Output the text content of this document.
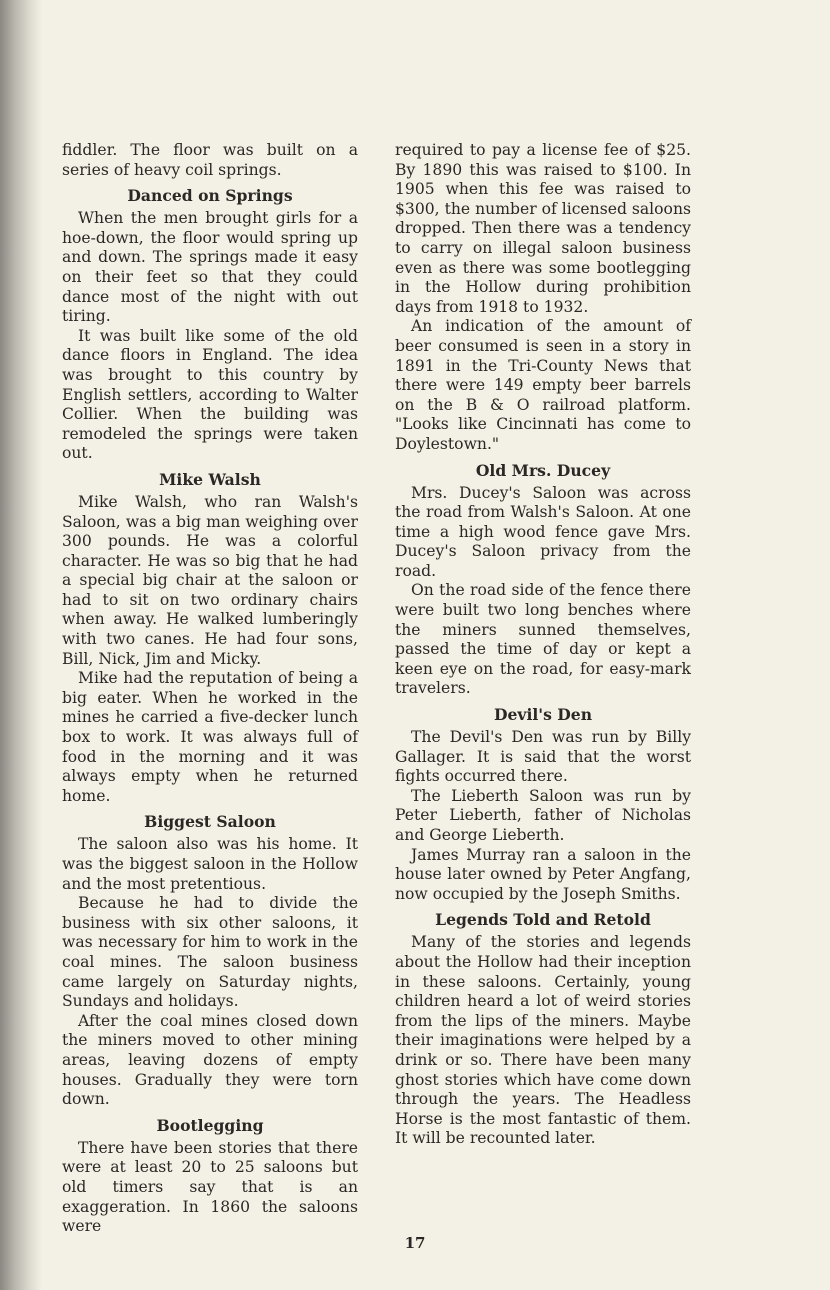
fiddler. The floor was built on a series of heavy coil springs.

Danced on Springs

When the men brought girls for a hoe-down, the floor would spring up and down. The springs made it easy on their feet so that they could dance most of the night with out tiring.

It was built like some of the old dance floors in England. The idea was brought to this country by English settlers, according to Walter Collier. When the building was remodeled the springs were taken out.

Mike Walsh

Mike Walsh, who ran Walsh's Saloon, was a big man weighing over 300 pounds. He was a colorful character. He was so big that he had a special big chair at the saloon or had to sit on two ordinary chairs when away. He walked lumberingly with two canes. He had four sons, Bill, Nick, Jim and Micky.

Mike had the reputation of being a big eater. When he worked in the mines he carried a five-decker lunch box to work. It was always full of food in the morning and it was always empty when he returned home.

Biggest Saloon

The saloon also was his home. It was the biggest saloon in the Hollow and the most pretentious.

Because he had to divide the business with six other saloons, it was necessary for him to work in the coal mines. The saloon business came largely on Saturday nights, Sundays and holidays.

After the coal mines closed down the miners moved to other mining areas, leaving dozens of empty houses. Gradually they were torn down.

Bootlegging

There have been stories that there were at least 20 to 25 saloons but old timers say that is an exaggeration. In 1860 the saloons were

required to pay a license fee of $25. By 1890 this was raised to $100. In 1905 when this fee was raised to $300, the number of licensed saloons dropped. Then there was a tendency to carry on illegal saloon business even as there was some bootlegging in the Hollow during prohibition days from 1918 to 1932.

An indication of the amount of beer consumed is seen in a story in 1891 in the Tri-County News that there were 149 empty beer barrels on the B & O railroad platform. "Looks like Cincinnati has come to Doylestown."

Old Mrs. Ducey

Mrs. Ducey's Saloon was across the road from Walsh's Saloon. At one time a high wood fence gave Mrs. Ducey's Saloon privacy from the road.

On the road side of the fence there were built two long benches where the miners sunned themselves, passed the time of day or kept a keen eye on the road, for easy-mark travelers.

Devil's Den

The Devil's Den was run by Billy Gallager. It is said that the worst fights occurred there.

The Lieberth Saloon was run by Peter Lieberth, father of Nicholas and George Lieberth.

James Murray ran a saloon in the house later owned by Peter Angfang, now occupied by the Joseph Smiths.

Legends Told and Retold

Many of the stories and legends about the Hollow had their inception in these saloons. Certainly, young children heard a lot of weird stories from the lips of the miners. Maybe their imaginations were helped by a drink or so. There have been many ghost stories which have come down through the years. The Headless Horse is the most fantastic of them. It will be recounted later.

17
